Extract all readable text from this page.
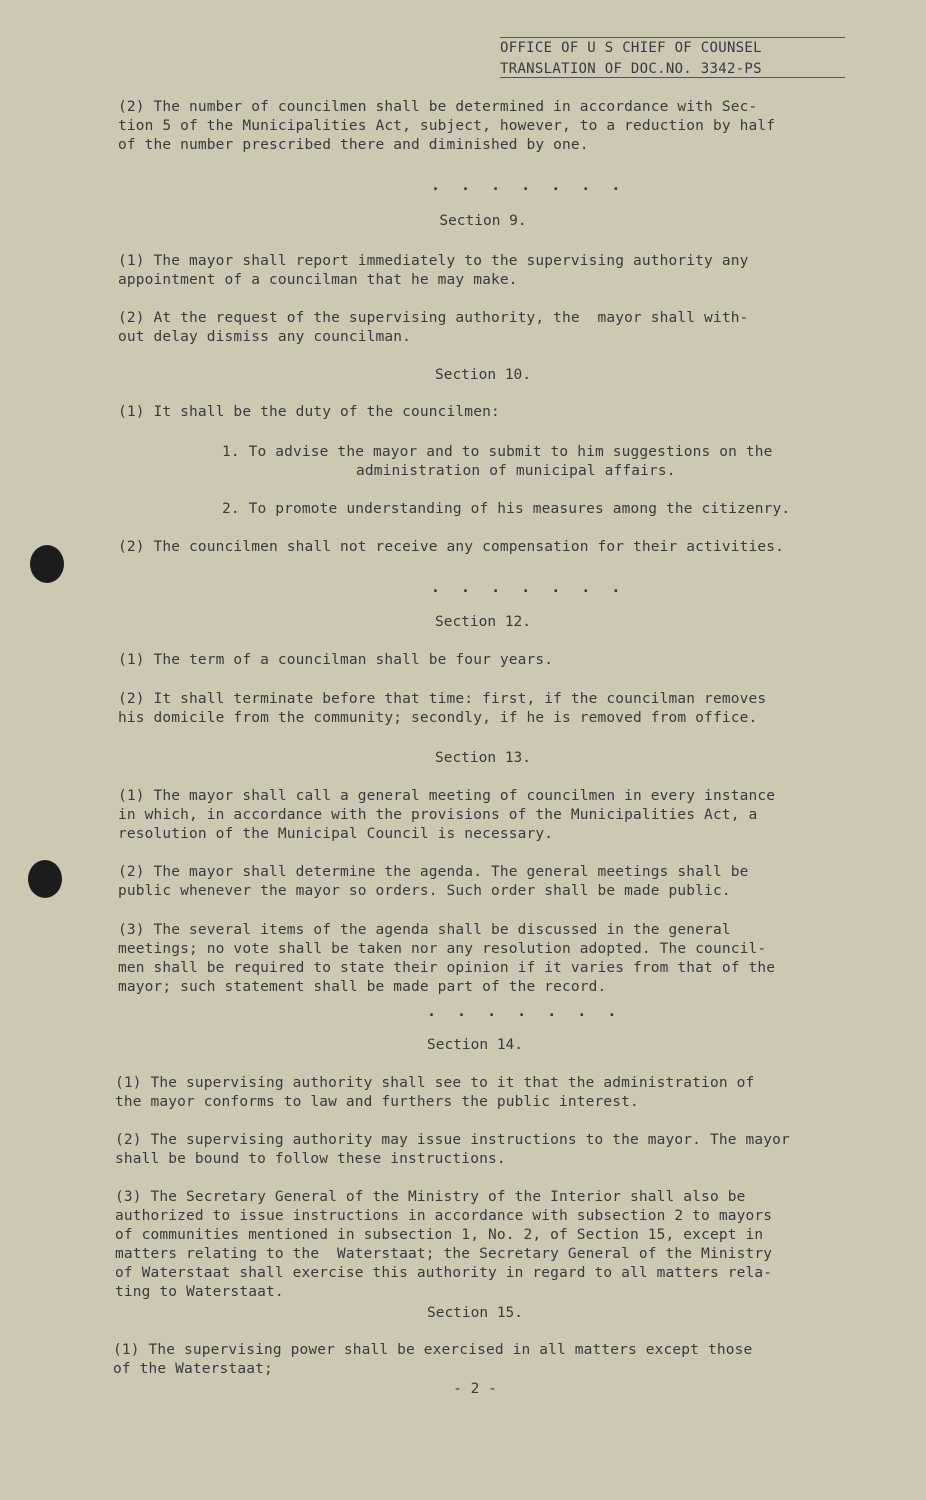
OFFICE OF U S CHIEF OF COUNSEL
TRANSLATION OF DOC.NO. 3342-PS
(2) The number of councilmen shall be determined in accordance with Sec-
tion 5 of the Municipalities Act, subject, however, to a reduction by half
of the number prescribed there and diminished by one.
. . . . . . .
Section 9.
(1) The mayor shall report immediately to the supervising authority any
appointment of a councilman that he may make.
(2) At the request of the supervising authority, the  mayor shall with-
out delay dismiss any councilman.
Section 10.
(1) It shall be the duty of the councilmen:
1. To advise the mayor and to submit to him suggestions on the
administration of municipal affairs.
2. To promote understanding of his measures among the citizenry.
(2) The councilmen shall not receive any compensation for their activities.
. . . . . . .
Section 12.
(1) The term of a councilman shall be four years.
(2) It shall terminate before that time: first, if the councilman removes
his domicile from the community; secondly, if he is removed from office.
Section 13.
(1) The mayor shall call a general meeting of councilmen in every instance
in which, in accordance with the provisions of the Municipalities Act, a
resolution of the Municipal Council is necessary.
(2) The mayor shall determine the agenda. The general meetings shall be
public whenever the mayor so orders. Such order shall be made public.
(3) The several items of the agenda shall be discussed in the general
meetings; no vote shall be taken nor any resolution adopted. The council-
men shall be required to state their opinion if it varies from that of the
mayor; such statement shall be made part of the record.
. . . . . . .
Section 14.
(1) The supervising authority shall see to it that the administration of
the mayor conforms to law and furthers the public interest.
(2) The supervising authority may issue instructions to the mayor. The mayor
shall be bound to follow these instructions.
(3) The Secretary General of the Ministry of the Interior shall also be
authorized to issue instructions in accordance with subsection 2 to mayors
of communities mentioned in subsection 1, No. 2, of Section 15, except in
matters relating to the  Waterstaat; the Secretary General of the Ministry
of Waterstaat shall exercise this authority in regard to all matters rela-
ting to Waterstaat.
Section 15.
(1) The supervising power shall be exercised in all matters except those
of the Waterstaat;
- 2 -
